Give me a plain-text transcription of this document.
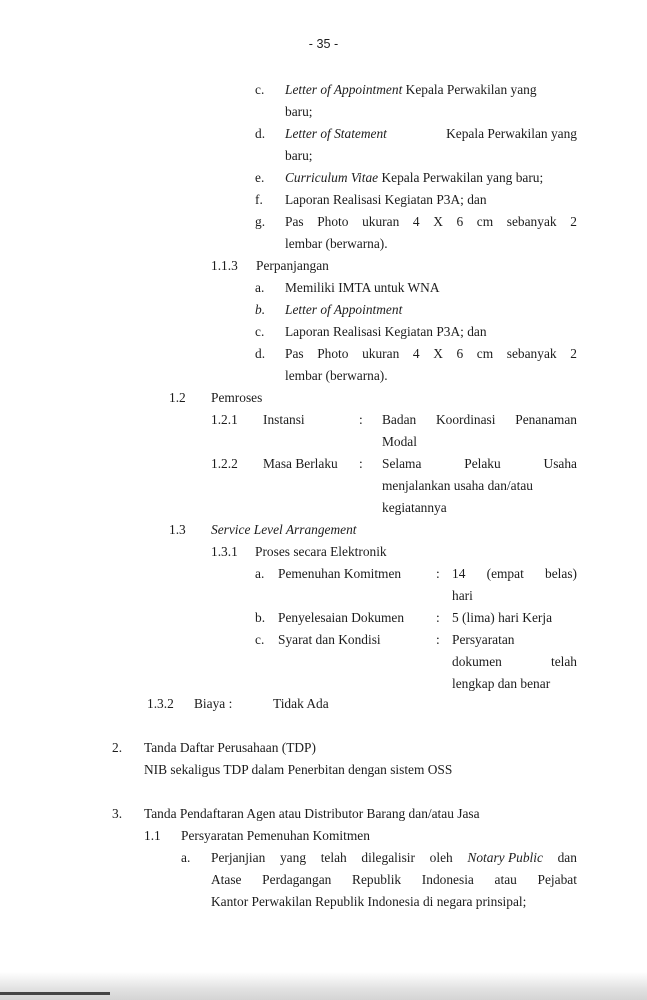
- 35 -
c. Letter of Appointment Kepala Perwakilan yang
baru;
d. Letter of Statement	Kepala Perwakilan yang
baru;
e. Curriculum Vitae Kepala Perwakilan yang baru;
f. Laporan Realisasi Kegiatan P3A; dan
g. Pas Photo ukuran 4 X 6 cm sebanyak 2
lembar (berwarna).
1.1.3 Perpanjangan
a. Memiliki IMTA untuk WNA
b. Letter of Appointment
c. Laporan Realisasi Kegiatan P3A; dan
d. Pas Photo ukuran 4 X 6 cm sebanyak 2
lembar (berwarna).
1.2 Pemroses
1.2.1 Instansi	: Badan Koordinasi Penanaman
Modal
1.2.2 Masa Berlaku : Selama	Pelaku	Usaha
menjalankan usaha dan/atau
kegiatannya
1.3 Service Level Arrangement
1.3.1 Proses secara Elektronik
a. Pemenuhan Komitmen	: 14 (empat belas)
hari
b. Penyelesaian Dokumen : 5 (lima) hari Kerja
c. Syarat dan Kondisi	: Persyaratan
dokumen	telah
lengkap dan benar
1.3.2 Biaya :	Tidak Ada
2. Tanda Daftar Perusahaan (TDP)
NIB sekaligus TDP dalam Penerbitan dengan sistem OSS
3. Tanda Pendaftaran Agen atau Distributor Barang dan/atau Jasa
1.1 Persyaratan Pemenuhan Komitmen
a. Perjanjian yang telah dilegalisir oleh Notary Public dan
Atase Perdagangan Republik Indonesia atau Pejabat
Kantor Perwakilan Republik Indonesia di negara prinsipal;
